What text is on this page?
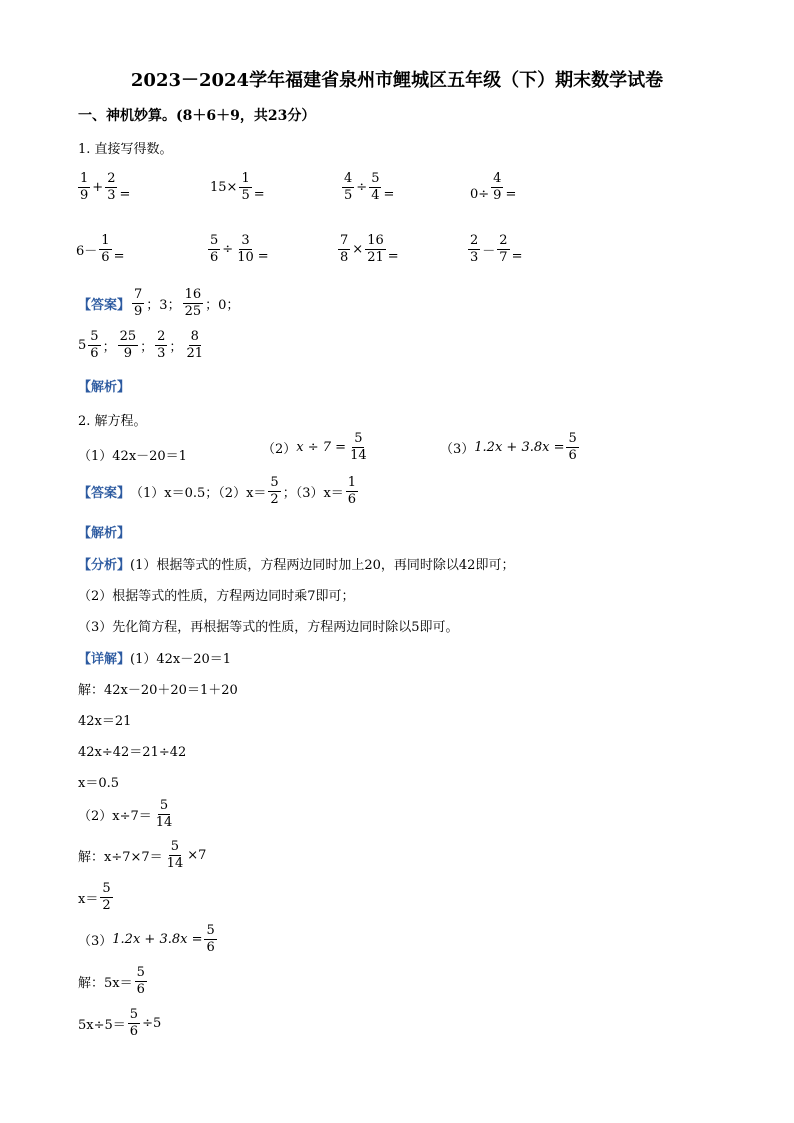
2023－2024学年福建省泉州市鲤城区五年级（下）期末数学试卷
一、神机妙算。(8＋6＋9，共23分）
1. 直接写得数。
$\frac{1}{9} + \frac{2}{3}$ =	$15\times \frac{1}{5}$ =	$\frac{4}{5} \div \frac{5}{4}$ =	$0\div \frac{4}{9}$ =
$6- \frac{1}{6}$ =	$\frac{5}{6} \div \frac{3}{10}$ =	$\frac{7}{8} \times \frac{16}{21}$ =	$\frac{2}{3} - \frac{2}{7}$ =
【答案】 $\frac{7}{9}$ ；3； $\frac{16}{25}$ ；0；
$5 \frac{5}{6}$ ； $\frac{25}{9}$ ； $\frac{2}{3}$ ； $\frac{8}{21}$
【解析】
2. 解方程。
（1）42x－20＝1	（2） $x \div 7 = \frac{5}{14}$	（3） $1.2x + 3.8x = \frac{5}{6}$
【答案】 （1）x＝0.5；$(2)x= \frac{5}{2}$ ；$(3)x= \frac{1}{6}$
【解析】
【分析】(1）根据等式的性质，方程两边同时加上20，再同时除以42即可；
（2）根据等式的性质，方程两边同时乘7即可；
（3）先化简方程，再根据等式的性质，方程两边同时除以5即可。
【详解】(1）42x－20＝1
解：42x－20＋20＝1＋20
42x＝21
42x÷42＝21÷42
x＝0.5
$(2)x\div 7= \frac{5}{14}$
解：$x\div 7\times 7= \frac{5}{14} \times 7$
$x= \frac{5}{2}$
（3） $1.2x + 3.8x = \frac{5}{6}$
解：$5x= \frac{5}{6}$
$5x\div 5= \frac{5}{6} \div 5$
